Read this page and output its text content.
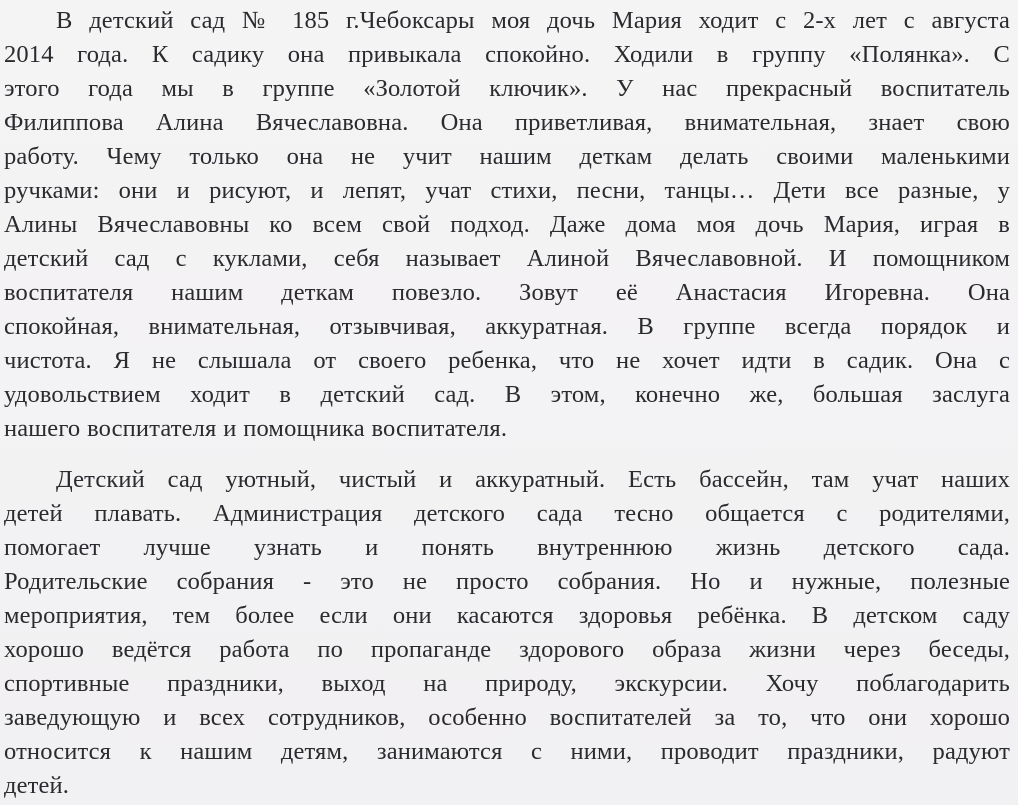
В детский сад № 185 г.Чебоксары моя дочь Мария ходит с 2-х лет с августа
2014 года. К садику она привыкала спокойно. Ходили в группу «Полянка». С
этого года мы в группе «Золотой ключик». У нас прекрасный воспитатель
Филиппова Алина Вячеславовна. Она приветливая, внимательная, знает свою
работу. Чему только она не учит нашим деткам делать своими маленькими
ручками: они и рисуют, и лепят, учат стихи, песни, танцы… Дети все разные, у
Алины Вячеславовны ко всем свой подход. Даже дома моя дочь Мария, играя в
детский сад с куклами, себя называет Алиной Вячеславовной. И помощником
воспитателя нашим деткам повезло. Зовут её Анастасия Игоревна. Она
спокойная, внимательная, отзывчивая, аккуратная. В группе всегда порядок и
чистота. Я не слышала от своего ребенка, что не хочет идти в садик. Она с
удовольствием ходит в детский сад. В этом, конечно же, большая заслуга
нашего воспитателя и помощника воспитателя.
Детский сад уютный, чистый и аккуратный. Есть бассейн, там учат наших
детей плавать. Администрация детского сада тесно общается с родителями,
помогает лучше узнать и понять внутреннюю жизнь детского сада.
Родительские собрания - это не просто собрания. Но и нужные, полезные
мероприятия, тем более если они касаются здоровья ребёнка. В детском саду
хорошо ведётся работа по пропаганде здорового образа жизни через беседы,
спортивные праздники, выход на природу, экскурсии. Хочу поблагодарить
заведующую и всех сотрудников, особенно воспитателей за то, что они хорошо
относится к нашим детям, занимаются с ними, проводит праздники, радуют
детей.
